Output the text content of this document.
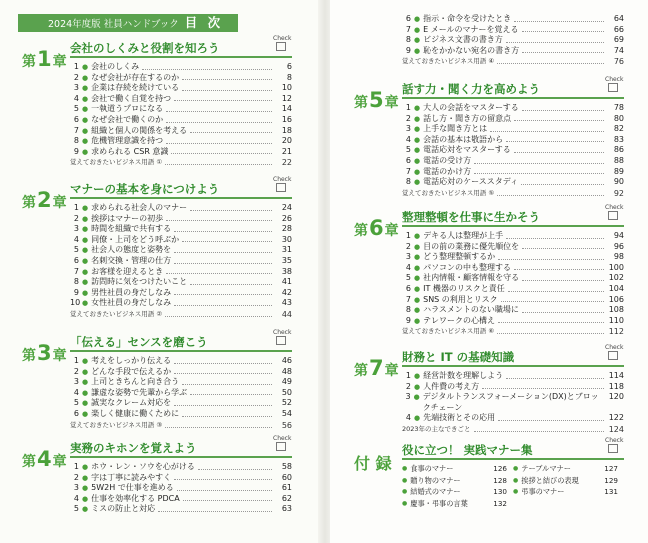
2024年度版 社員ハンドブック 目 次
第1章
会社のしくみと役割を知ろう
Check
1 ● 会社のしくみ	6
2 ● なぜ会社が存在するのか	8
3 ● 企業は存続を続けている	10
4 ● 会社で働く自覚を持つ	12
5 ● 一執道うプロになる	14
6 ● なぜ会社で働くのか	16
7 ● 組織と個人の関係を考える	18
8 ● 危機管理意識を持つ	20
9 ● 求められる CSR 意識	21
覚えておきたいビジネス用語 ①	22
第2章
マナーの基本を身につけよう
Check
1 ● 求められる社会人のマナー	24
2 ● 挨拶はマナーの初歩	26
3 ● 時間を組織で共有する	28
4 ● 同僚・上司をどう呼ぶか	30
5 ● 社会人の態度と姿勢を	31
6 ● 名刺交換・管理の仕方	35
7 ● お客様を迎えるとき	38
8 ● 訪問時に気をつけたいこと	41
9 ● 男性社員の身だしなみ	42
10 ● 女性社員の身だしなみ	43
覚えておきたいビジネス用語 ②	44
第3章
「伝える」センスを磨こう
Check
1 ● 考えをしっかり伝える	46
2 ● どんな手段で伝えるか	48
3 ● 上司ときちんと向き合う	49
4 ● 謙虚な姿勢で先輩から学ぶ	50
5 ● 誠実なクレーム対応を	52
6 ● 楽しく健康に働くために	54
覚えておきたいビジネス用語 ③	56
第4章
実務のキホンを覚えよう
Check
1 ● ホウ・レン・ソウを心がける	58
2 ● 字は丁寧に読みやすく	60
3 ● 5W2H で仕事を進める	61
4 ● 仕事を効率化する PDCA	62
5 ● ミスの防止と対応	63
6 ● 指示・命令を受けたとき	64
7 ● E メールのマナーを覚える	66
8 ● ビジネス文書の書き方	69
9 ● 恥をかかない宛名の書き方	74
覚えておきたいビジネス用語 ④	76
第5章
話す力・聞く力を高めよう
Check
1 ● 大人の会話をマスターする	78
2 ● 話し方・聞き方の留意点	80
3 ● 上手な聞き方とは	82
4 ● 会話の基本は敬語から	83
5 ● 電話応対をマスターする	86
6 ● 電話の受け方	88
7 ● 電話のかけ方	89
8 ● 電話応対のケーススタディ	90
覚えておきたいビジネス用語 ⑤	92
第6章
整理整頓を仕事に生かそう
Check
1 ● デキる人は整理が上手	94
2 ● 目の前の業務に優先順位を	96
3 ● どう整理整頓するか	98
4 ● パソコンの中も整理する	100
5 ● 社内情報・顧客情報を守る	102
6 ● IT 機器のリスクと責任	104
7 ● SNS の利用とリスク	106
8 ● ハラスメントのない職場に	108
9 ● テレワークの心構え	110
覚えておきたいビジネス用語 ⑥	112
第7章
財務と IT の基礎知識
Check
1 ● 経営計数を理解しよう	114
2 ● 人件費の考え方	118
3 ● デジタルトランスフォーメーション(DX)とブロックチェーン
120
4 ● 先端技術とその応用	122
2023年の主なできごと	124
付 録
役に立つ！ 実践マナー集
Check
● 食事のマナー	126
● 贈り物のマナー	128
● 結婚式のマナー	130
● 慶事・弔事の言葉	132
● テーブルマナー	127
● 挨拶と結びの表現	129
● 弔事のマナー	131
